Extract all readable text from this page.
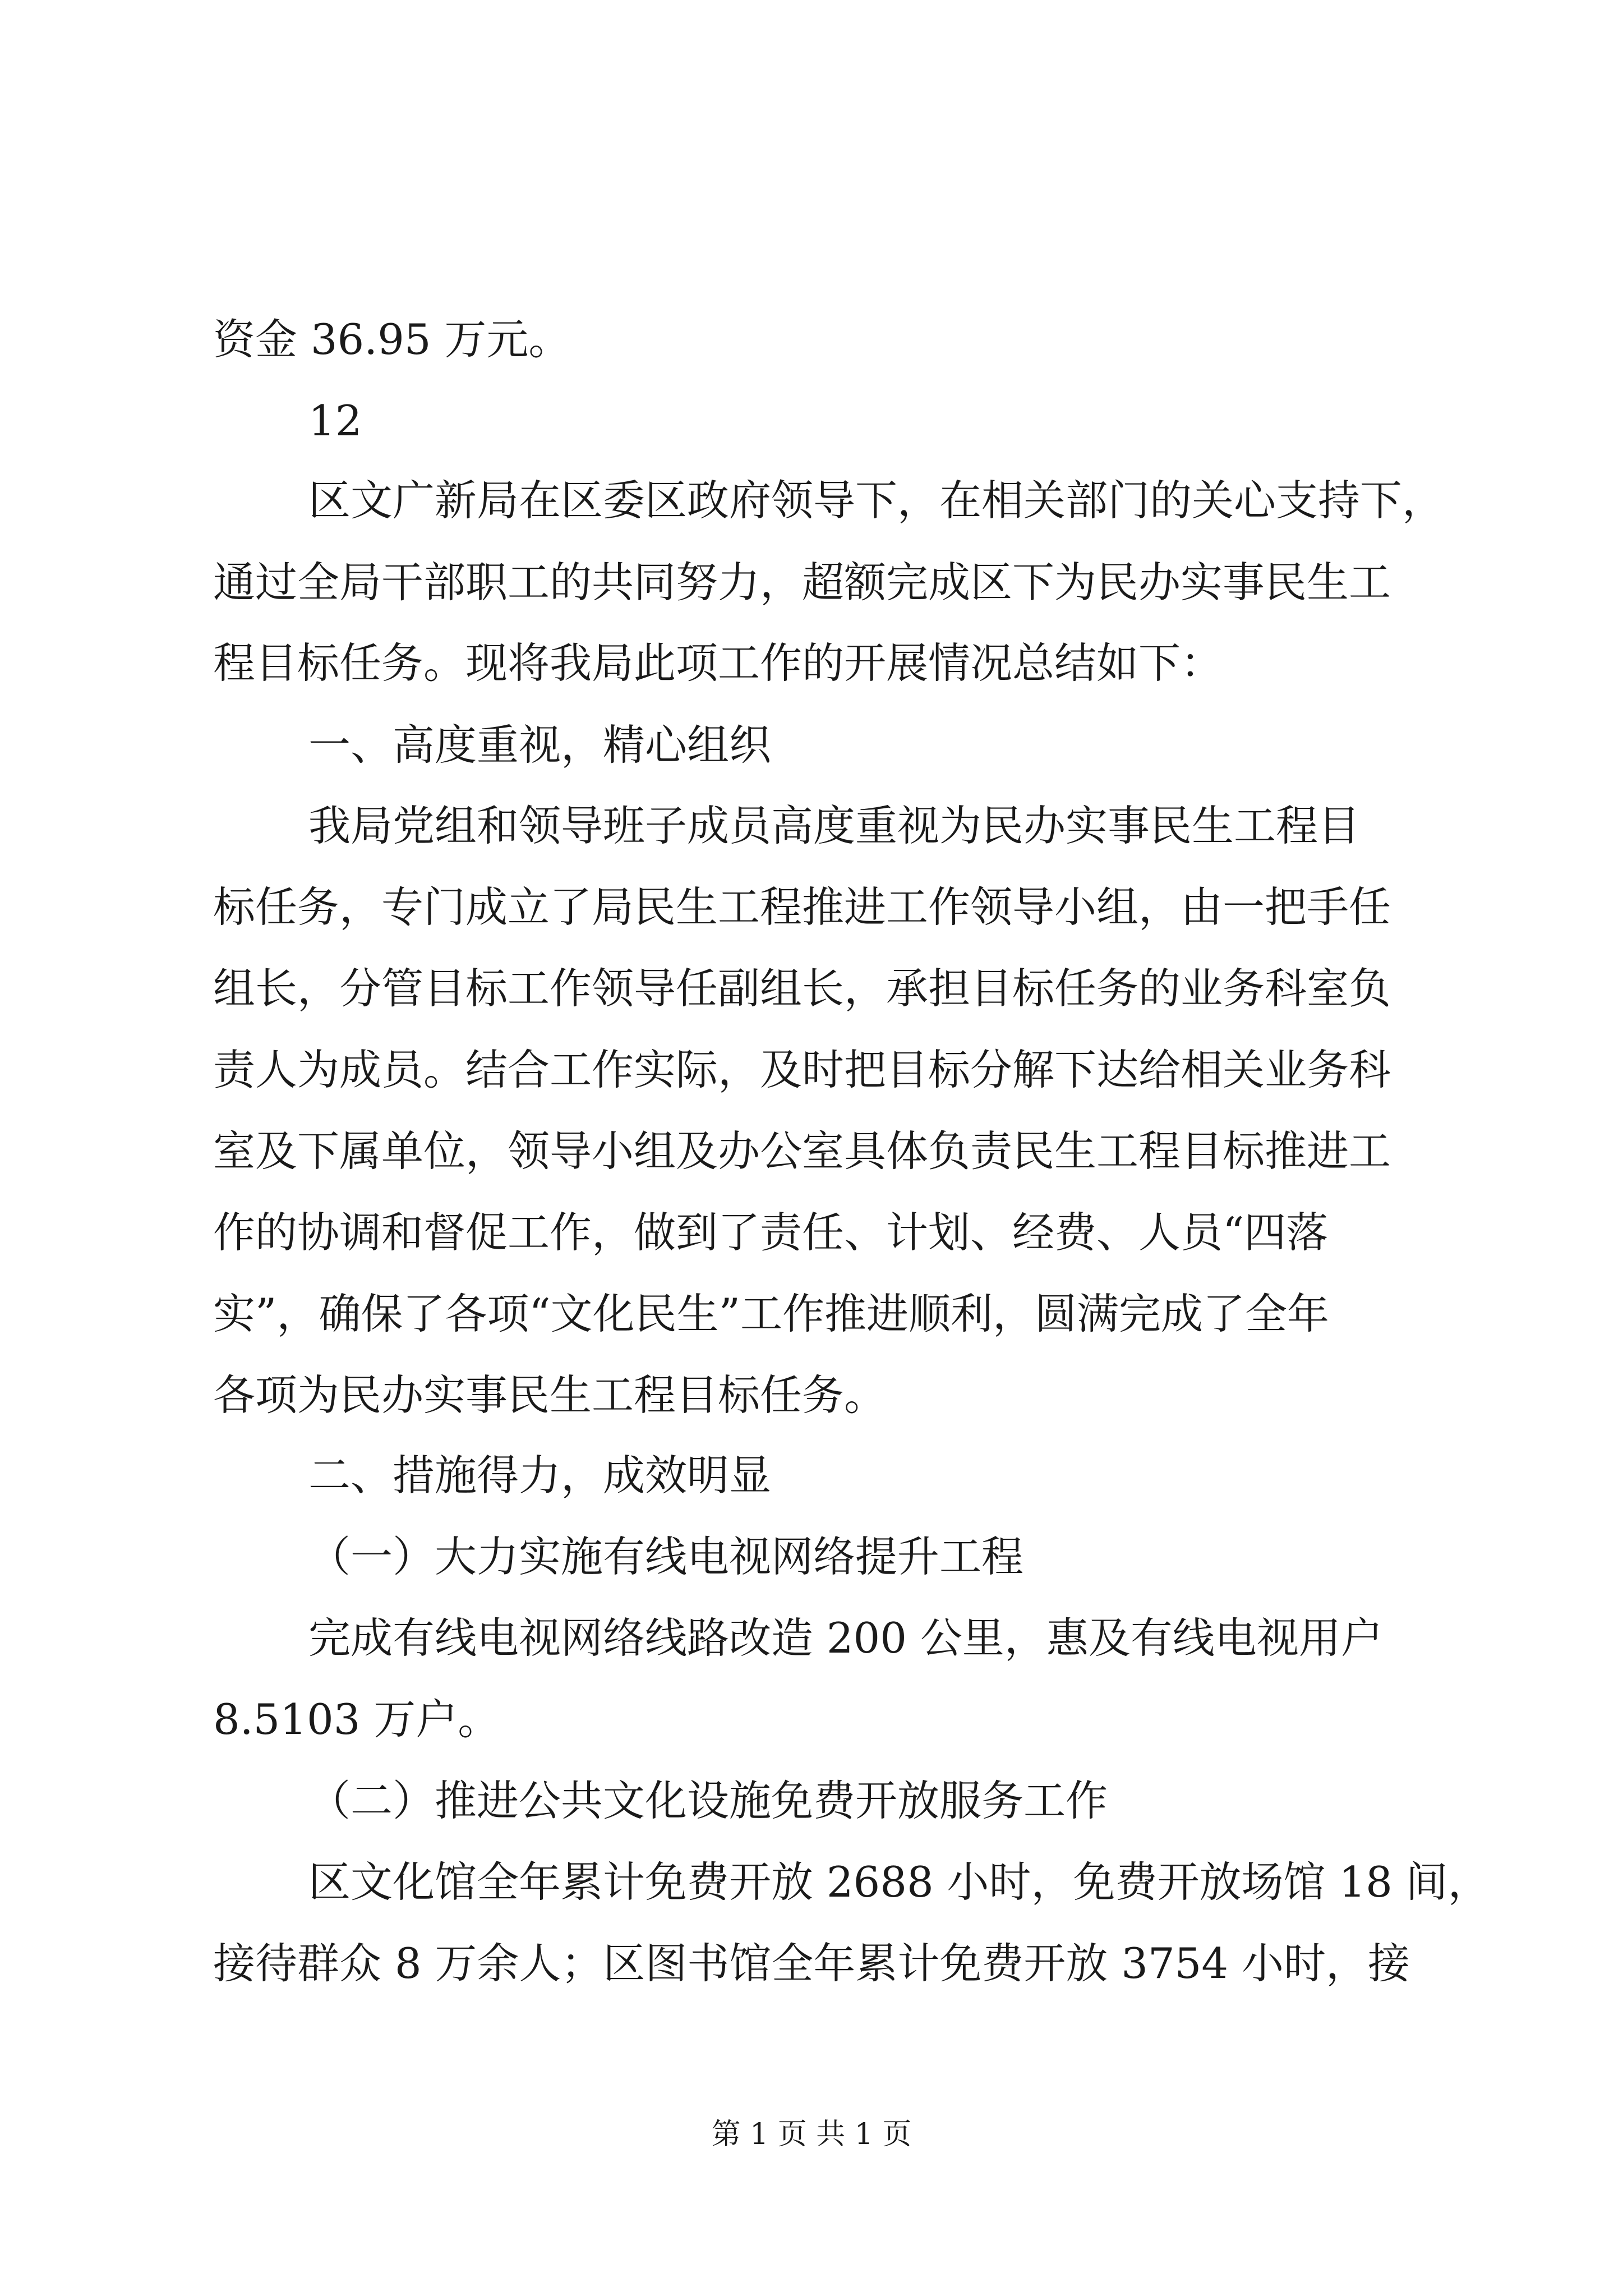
资金 36.95 万元。
12
区文广新局在区委区政府领导下，在相关部门的关心支持下，
通过全局干部职工的共同努力，超额完成区下为民办实事民生工
程目标任务。现将我局此项工作的开展情况总结如下：
一、高度重视，精心组织
我局党组和领导班子成员高度重视为民办实事民生工程目
标任务，专门成立了局民生工程推进工作领导小组，由一把手任
组长，分管目标工作领导任副组长，承担目标任务的业务科室负
责人为成员。结合工作实际，及时把目标分解下达给相关业务科
室及下属单位，领导小组及办公室具体负责民生工程目标推进工
作的协调和督促工作，做到了责任、计划、经费、人员“四落
实”，确保了各项“文化民生”工作推进顺利，圆满完成了全年
各项为民办实事民生工程目标任务。
二、措施得力，成效明显
（一）大力实施有线电视网络提升工程
完成有线电视网络线路改造 200 公里，惠及有线电视用户
8.5103 万户。
（二）推进公共文化设施免费开放服务工作
区文化馆全年累计免费开放 2688 小时，免费开放场馆 18 间，
接待群众 8 万余人；区图书馆全年累计免费开放 3754 小时，接
第 1 页 共 1 页
